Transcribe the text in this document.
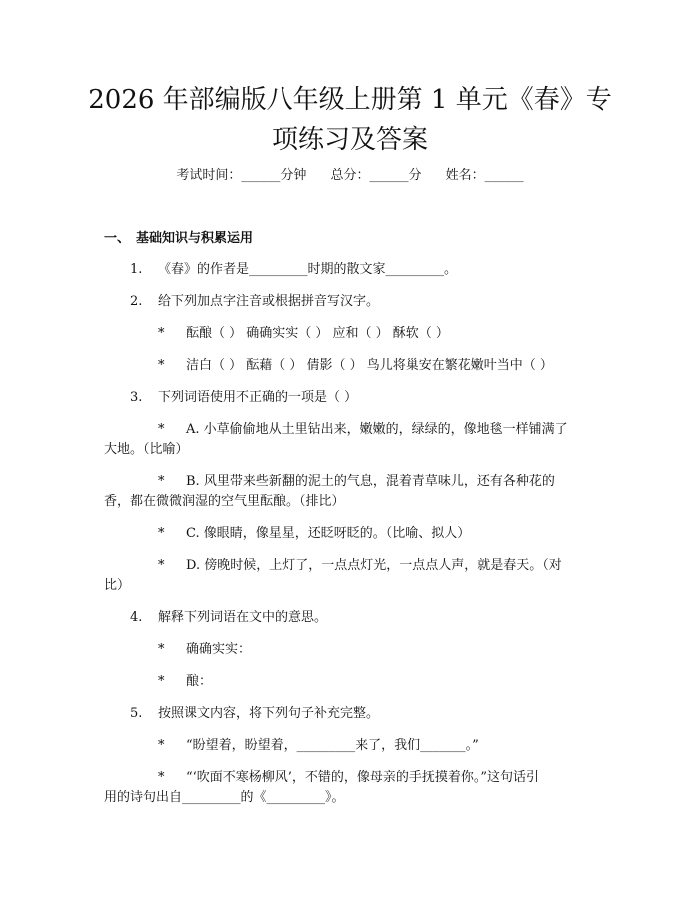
2026 年部编版八年级上册第 1 单元《春》专
项练习及答案
考试时间：______分钟 总分：______分 姓名：______
一、 基础知识与积累运用
1. 《春》的作者是_________时期的散文家_________。
2. 给下列加点字注音或根据拼音写汉字。
* 酝酿（ ） 确确实实（ ） 应和（ ） 酥软（ ）
* 洁白（ ） 酝藉（ ） 倩影（ ） 鸟儿将巢安在繁花嫩叶当中（ ）
3. 下列词语使用不正确的一项是（ ）
* A. 小草偷偷地从土里钻出来，嫩嫩的，绿绿的，像地毯一样铺满了
大地。（比喻）
* B. 风里带来些新翻的泥土的气息，混着青草味儿，还有各种花的
香，都在微微润湿的空气里酝酿。（排比）
* C. 像眼睛，像星星，还眨呀眨的。（比喻、拟人）
* D. 傍晚时候，上灯了，一点点灯光，一点点人声，就是春天。（对
比）
4. 解释下列词语在文中的意思。
* 确确实实：
* 酿：
5. 按照课文内容，将下列句子补充完整。
* “盼望着，盼望着，_________来了，我们_______。”
* “‘吹面不寒杨柳风’，不错的，像母亲的手抚摸着你。”这句话引
用的诗句出自_________的《_________》。
